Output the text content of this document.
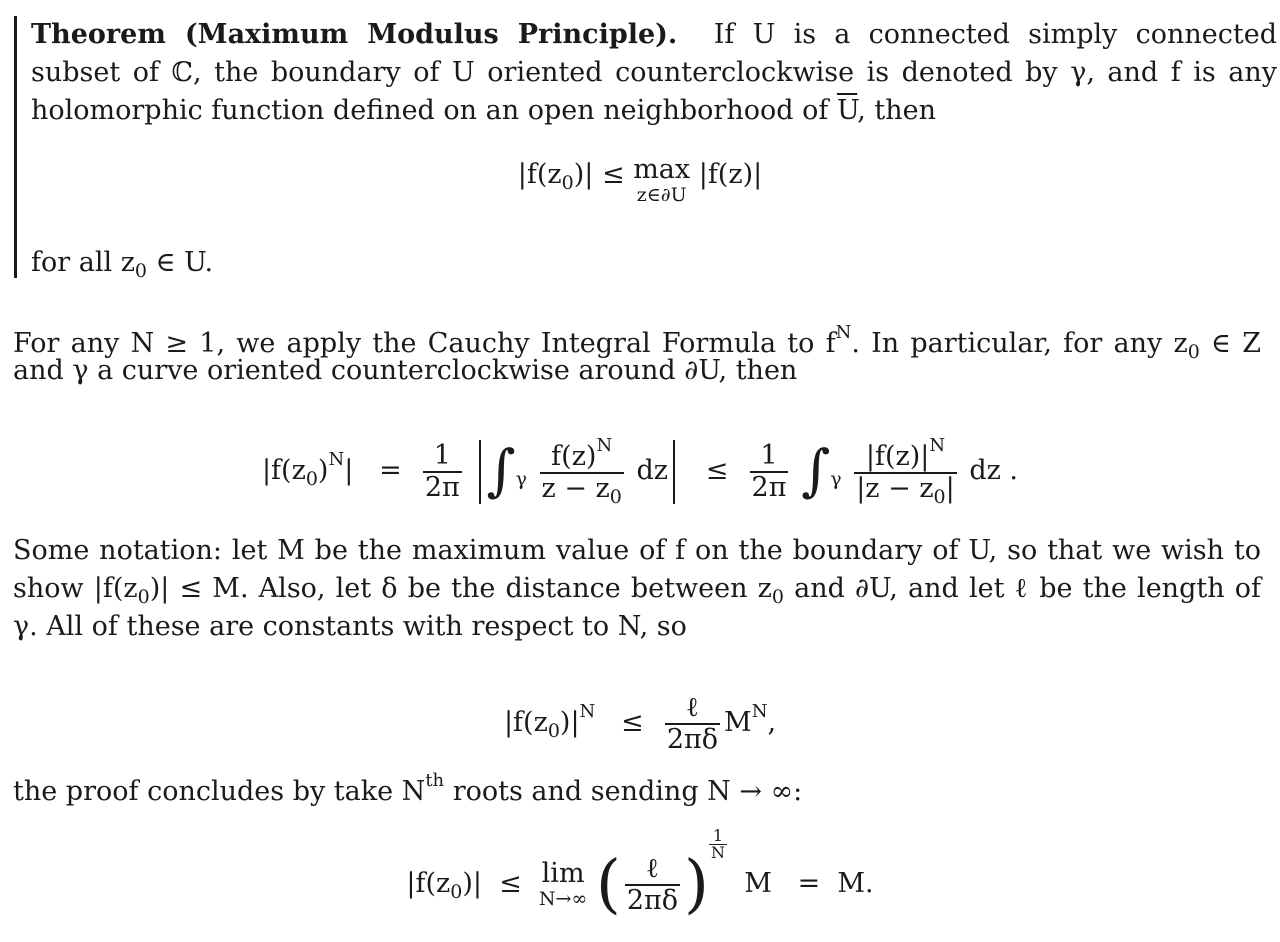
Theorem (Maximum Modulus Principle). If U is a connected simply connected
subset of ℂ, the boundary of U oriented counterclockwise is denoted by γ, and f is any
holomorphic function defined on an open neighborhood of $\overline{U}$, then
$|f(z_0)| \le \max$
z∈∂U
|f(z)|
for all $z_0$ ∈ U.
For any N ≥ 1, we apply the Cauchy Integral Formula to $f^N$. In particular, for any $z_0$ ∈ Z
and γ a curve oriented counterclockwise around ∂U, then
$|f(z_0)^N| = \frac{1}{2\pi} \int_\gamma \frac{f(z)^N}{z - z_0}$ dz ≤ $\frac{1}{2\pi} \int_\gamma \frac{|f(z)|^N}{|z - z_0|}$ dz .
Some notation: let M be the maximum value of f on the boundary of U, so that we wish to
show $|f(z_0)| \le M$. Also, let δ be the distance between $z_0$ and ∂U, and let ℓ be the length of
γ. All of these are constants with respect to N, so
$|f(z_0)|^N \le \frac{\text{ℓ}}{2\pi\delta} M^N$,
the proof concludes by take $N^{th}$ roots and sending N → ∞:
$|f(z_0)| \le \lim$
N→∞ ( $\frac{\text{ℓ}}{2\pi\delta}$ )
$\frac{1}{N}$
M = M.
